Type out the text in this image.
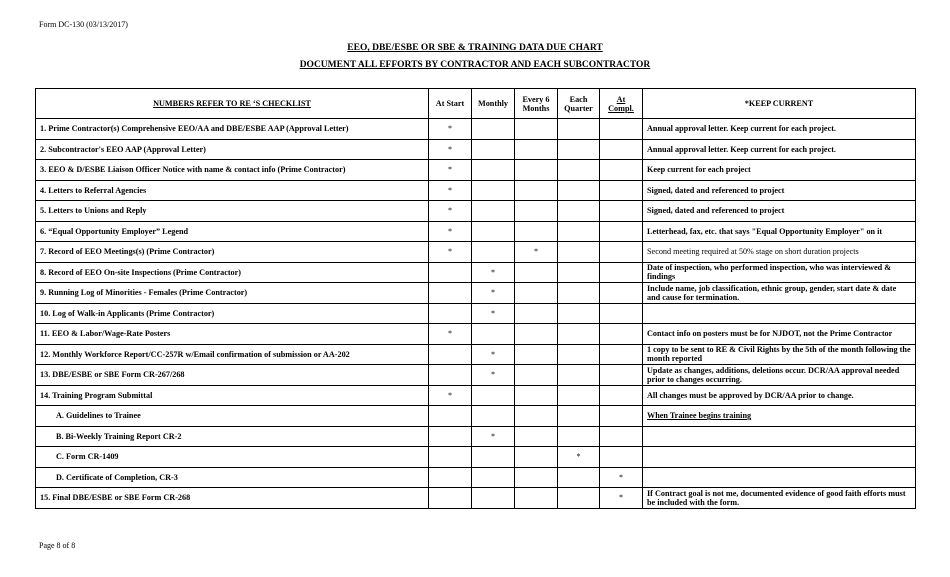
Form DC-130 (03/13/2017)
EEO, DBE/ESBE OR SBE & TRAINING DATA DUE CHART
DOCUMENT ALL EFFORTS BY CONTRACTOR AND EACH SUBCONTRACTOR
NUMBERS REFER TO RE ‘S CHECKLIST	At Start	Monthly	Every 6 Months	Each Quarter	At Compl.	*KEEP CURRENT
1. Prime Contractor(s) Comprehensive EEO/AA and DBE/ESBE AAP (Approval Letter)	*					Annual approval letter. Keep current for each project.
2. Subcontractor's EEO AAP (Approval Letter)	*					Annual approval letter. Keep current for each project.
3. EEO & D/ESBE Liaison Officer Notice with name & contact info (Prime Contractor)	*					Keep current for each project
4. Letters to Referral Agencies	*					Signed, dated and referenced to project
5. Letters to Unions and Reply	*					Signed, dated and referenced to project
6. “Equal Opportunity Employer” Legend	*					Letterhead, fax, etc. that says "Equal Opportunity Employer" on it
7. Record of EEO Meetings(s) (Prime Contractor)	*		*			Second meeting required at 50% stage on short duration projects
8. Record of EEO On-site Inspections (Prime Contractor)		*				Date of inspection, who performed inspection, who was interviewed & findings
9. Running Log of Minorities - Females (Prime Contractor)		*				Include name, job classification, ethnic group, gender, start date & date and cause for termination.
10. Log of Walk-in Applicants (Prime Contractor)		*				
11. EEO & Labor/Wage-Rate Posters	*					Contact info on posters must be for NJDOT, not the Prime Contractor
12. Monthly Workforce Report/CC-257R w/Email confirmation of submission or AA-202		*				1 copy to be sent to RE & Civil Rights by the 5th of the month following the month reported
13. DBE/ESBE or SBE Form CR-267/268		*				Update as changes, additions, deletions occur. DCR/AA approval needed prior to changes occurring.
14. Training Program Submittal	*					All changes must be approved by DCR/AA prior to change.
A. Guidelines to Trainee						When Trainee begins training
B. Bi-Weekly Training Report CR-2		*				
C. Form CR-1409				*		
D. Certificate of Completion, CR-3					*	
15. Final DBE/ESBE or SBE Form CR-268					*	If Contract goal is not me, documented evidence of good faith efforts must be included with the form.
Page 8 of 8
